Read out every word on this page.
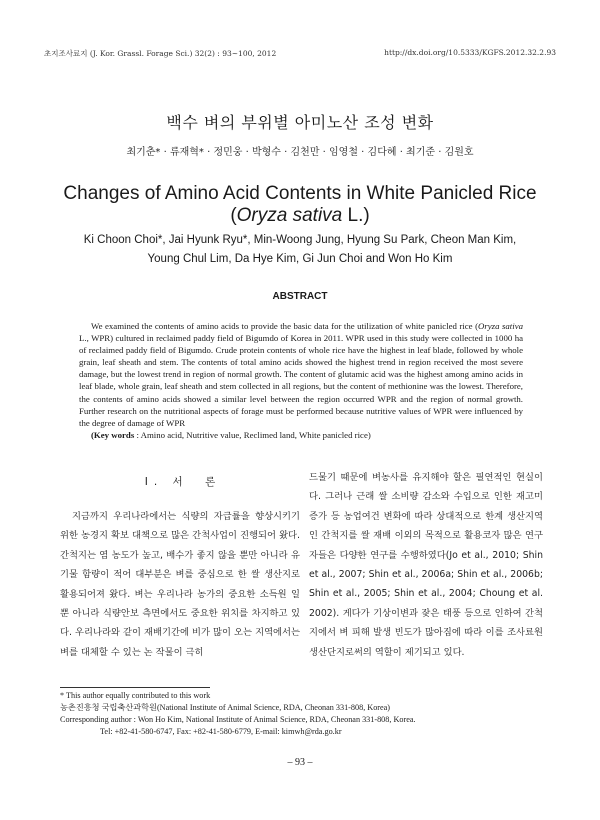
초지조사료지 (J. Kor. Grassl. Forage Sci.) 32(2) : 93~100, 2012	http://dx.doi.org/10.5333/KGFS.2012.32.2.93
백수 벼의 부위별 아미노산 조성 변화
최기춘* · 류재혁* · 정민웅 · 박형수 · 김천만 · 임영철 · 김다혜 · 최기준 · 김원호
Changes of Amino Acid Contents in White Panicled Rice
(Oryza sativa L.)
Ki Choon Choi*, Jai Hyunk Ryu*, Min-Woong Jung, Hyung Su Park, Cheon Man Kim,
Young Chul Lim, Da Hye Kim, Gi Jun Choi and Won Ho Kim
ABSTRACT

We examined the contents of amino acids to provide the basic data for the utilization of white panicled rice (Oryza sativa L., WPR) cultured in reclaimed paddy field of Bigumdo of Korea in 2011. WPR used in this study were collected in 1000 ha of reclaimed paddy field of Bigumdo. Crude protein contents of whole rice have the highest in leaf blade, followed by whole grain, leaf sheath and stem. The contents of total amino acids showed the highest trend in region received the most severe damage, but the lowest trend in region of normal growth. The content of glutamic acid was the highest among amino acids in leaf blade, whole grain, leaf sheath and stem collected in all regions, but the content of methionine was the lowest. Therefore, the contents of amino acids showed a similar level between the region occurred WPR and the region of normal growth. Further research on the nutritional aspects of forage must be performed because nutritive values of WPR were influenced by the degree of damage of WPR

(Key words : Amino acid, Nutritive value, Reclimed land, White panicled rice)

Ⅰ. 서　론
지금까지 우리나라에서는 식량의 자급률을 향상시키기 위한 농경지 확보 대책으로 많은 간척사업이 진행되어 왔다. 간척지는 염 농도가 높고, 배수가 좋지 않을 뿐만 아니라 유기물 함량이 적어 대부분은 벼를 중심으로 한 쌀 생산지로 활용되어져 왔다. 벼는 우리나라 농가의 중요한 소득원 일 뿐 아니라 식량안보 측면에서도 중요한 위치를 차지하고 있다. 우리나라와 같이 재배기간에 비가 많이 오는 지역에서는 벼를 대체할 수 있는 논 작물이 극히
드물기 때문에 벼농사를 유지해야 할은 필연적인 현실이다. 그러나 근래 쌀 소비량 감소와 수입으로 인한 재고미 증가 등 농업여건 변화에 따라 상대적으로 한계 생산지역인 간척지를 쌀 재배 이외의 목적으로 활용코자 많은 연구자들은 다양한 연구를 수행하였다(Jo et al., 2010; Shin et al., 2007; Shin et al., 2006a; Shin et al., 2006b; Shin et al., 2005; Shin et al., 2004; Choung et al. 2002). 게다가 기상이변과 잦은 태풍 등으로 인하여 간척지에서 벼 피해 발생 빈도가 많아짐에 따라 이를 조사료원 생산단지로써의 역할이 제기되고 있다.
* This author equally contributed to this work
농촌진흥청 국립축산과학원(National Institute of Animal Science, RDA, Cheonan 331-808, Korea)
Corresponding author : Won Ho Kim, National Institute of Animal Science, RDA, Cheonan 331-808, Korea.
Tel: +82-41-580-6747, Fax: +82-41-580-6779, E-mail: kimwh@rda.go.kr
– 93 –
